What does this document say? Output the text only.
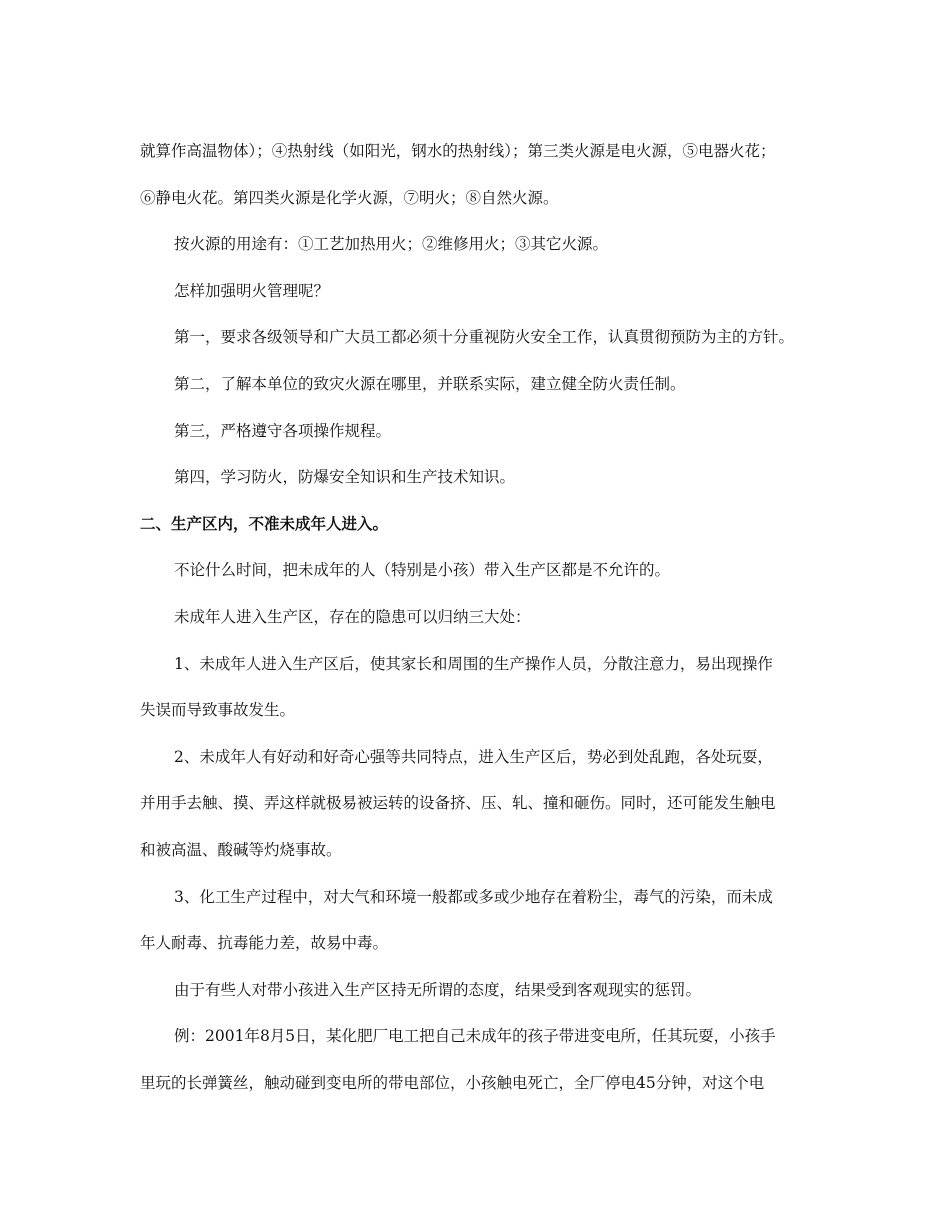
就算作高温物体）；④热射线（如阳光，钢水的热射线）；第三类火源是电火源，⑤电器火花；
⑥静电火花。第四类火源是化学火源，⑦明火；⑧自然火源。
按火源的用途有：①工艺加热用火；②维修用火；③其它火源。
怎样加强明火管理呢？
第一，要求各级领导和广大员工都必须十分重视防火安全工作，认真贯彻预防为主的方针。
第二，了解本单位的致灾火源在哪里，并联系实际，建立健全防火责任制。
第三，严格遵守各项操作规程。
第四，学习防火，防爆安全知识和生产技术知识。
二、生产区内，不准未成年人进入。
不论什么时间，把未成年的人（特别是小孩）带入生产区都是不允许的。
未成年人进入生产区，存在的隐患可以归纳三大处：
1、未成年人进入生产区后，使其家长和周围的生产操作人员，分散注意力，易出现操作
失误而导致事故发生。
2、未成年人有好动和好奇心强等共同特点，进入生产区后，势必到处乱跑，各处玩耍，
并用手去触、摸、弄这样就极易被运转的设备挤、压、轧、撞和砸伤。同时，还可能发生触电
和被高温、酸碱等灼烧事故。
3、化工生产过程中，对大气和环境一般都或多或少地存在着粉尘，毒气的污染，而未成
年人耐毒、抗毒能力差，故易中毒。
由于有些人对带小孩进入生产区持无所谓的态度，结果受到客观现实的惩罚。
例：2001年8月5日，某化肥厂电工把自己未成年的孩子带进变电所，任其玩耍，小孩手
里玩的长弹簧丝，触动碰到变电所的带电部位，小孩触电死亡，全厂停电45分钟，对这个电
